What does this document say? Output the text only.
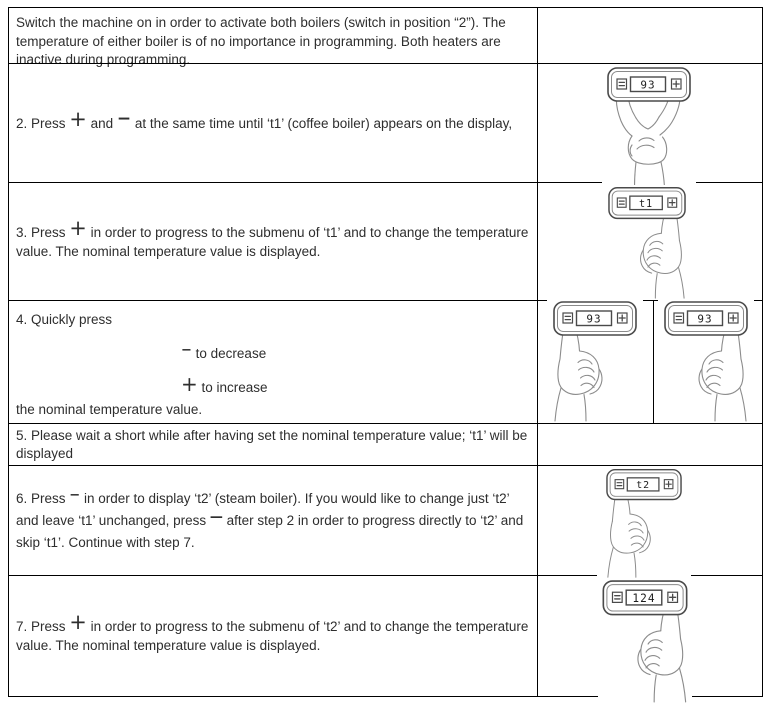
Switch the machine on in order to activate both boilers (switch in position “2”). The temperature of either boiler is of no importance in programming. Both heaters are inactive during programming.
2. Press + and − at the same time until ‘t1’ (coffee boiler) appears on the display,
93
3. Press + in order to progress to the submenu of ‘t1’ and to change the temperature value. The nominal temperature value is displayed.
t1
4. Quickly press
− to decrease
+ to increase
the nominal temperature value.
93	93
5. Please wait a short while after having set the nominal temperature value; ‘t1’ will be displayed
6. Press − in order to display ‘t2’ (steam boiler). If you would like to change just ‘t2’ and leave ‘t1’ unchanged, press — after step 2 in order to progress directly to ‘t2’ and skip ‘t1’. Continue with step 7.
t2
7. Press + in order to progress to the submenu of ‘t2’ and to change the temperature value. The nominal temperature value is displayed.
124
